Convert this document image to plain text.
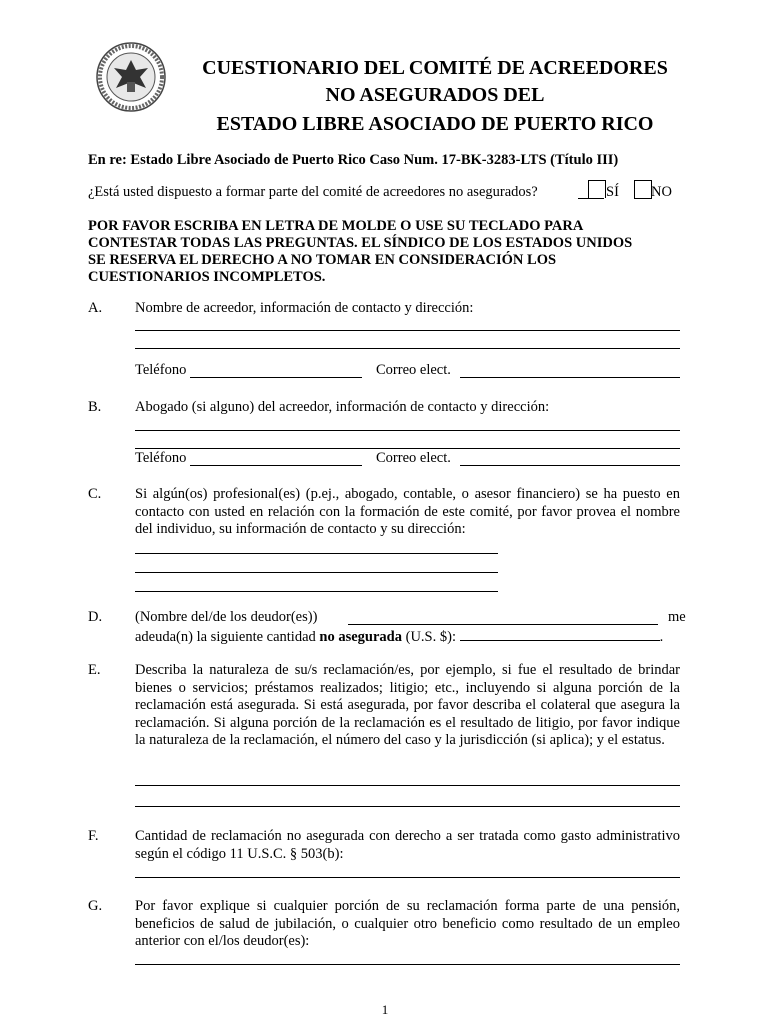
CUESTIONARIO DEL COMITÉ DE ACREEDORES
NO ASEGURADOS DEL
ESTADO LIBRE ASOCIADO DE PUERTO RICO
En re: Estado Libre Asociado de Puerto Rico Caso Num. 17-BK-3283-LTS (Título III)
¿Está usted dispuesto a formar parte del comité de acreedores no asegurados?	SÍ NO
POR FAVOR ESCRIBA EN LETRA DE MOLDE O USE SU TECLADO PARA
CONTESTAR TODAS LAS PREGUNTAS. EL SÍNDICO DE LOS ESTADOS UNIDOS
SE RESERVA EL DERECHO A NO TOMAR EN CONSIDERACIÓN LOS
CUESTIONARIOS INCOMPLETOS.
A. Nombre de acreedor, información de contacto y dirección:
Teléfono	Correo elect.
B. Abogado (si alguno) del acreedor, información de contacto y dirección:
Teléfono	Correo elect.
C. Si algún(os) profesional(es) (p.ej., abogado, contable, o asesor financiero) se ha puesto en contacto con usted en relación con la formación de este comité, por favor provea el nombre del individuo, su información de contacto y su dirección:
D. (Nombre del/de los deudor(es))	me
adeuda(n) la siguiente cantidad no asegurada (U.S. $):	.
E. Describa la naturaleza de su/s reclamación/es, por ejemplo, si fue el resultado de brindar bienes o servicios; préstamos realizados; litigio; etc., incluyendo si alguna porción de la reclamación está asegurada. Si está asegurada, por favor describa el colateral que asegura la reclamación. Si alguna porción de la reclamación es el resultado de litigio, por favor indique la naturaleza de la reclamación, el número del caso y la jurisdicción (si aplica); y el estatus.
F.	Cantidad de reclamación no asegurada con derecho a ser tratada como gasto administrativo según el código 11 U.S.C. § 503(b):
G. Por favor explique si cualquier porción de su reclamación forma parte de una pensión, beneficios de salud de jubilación, o cualquier otro beneficio como resultado de un empleo anterior con el/los deudor(es):
1
